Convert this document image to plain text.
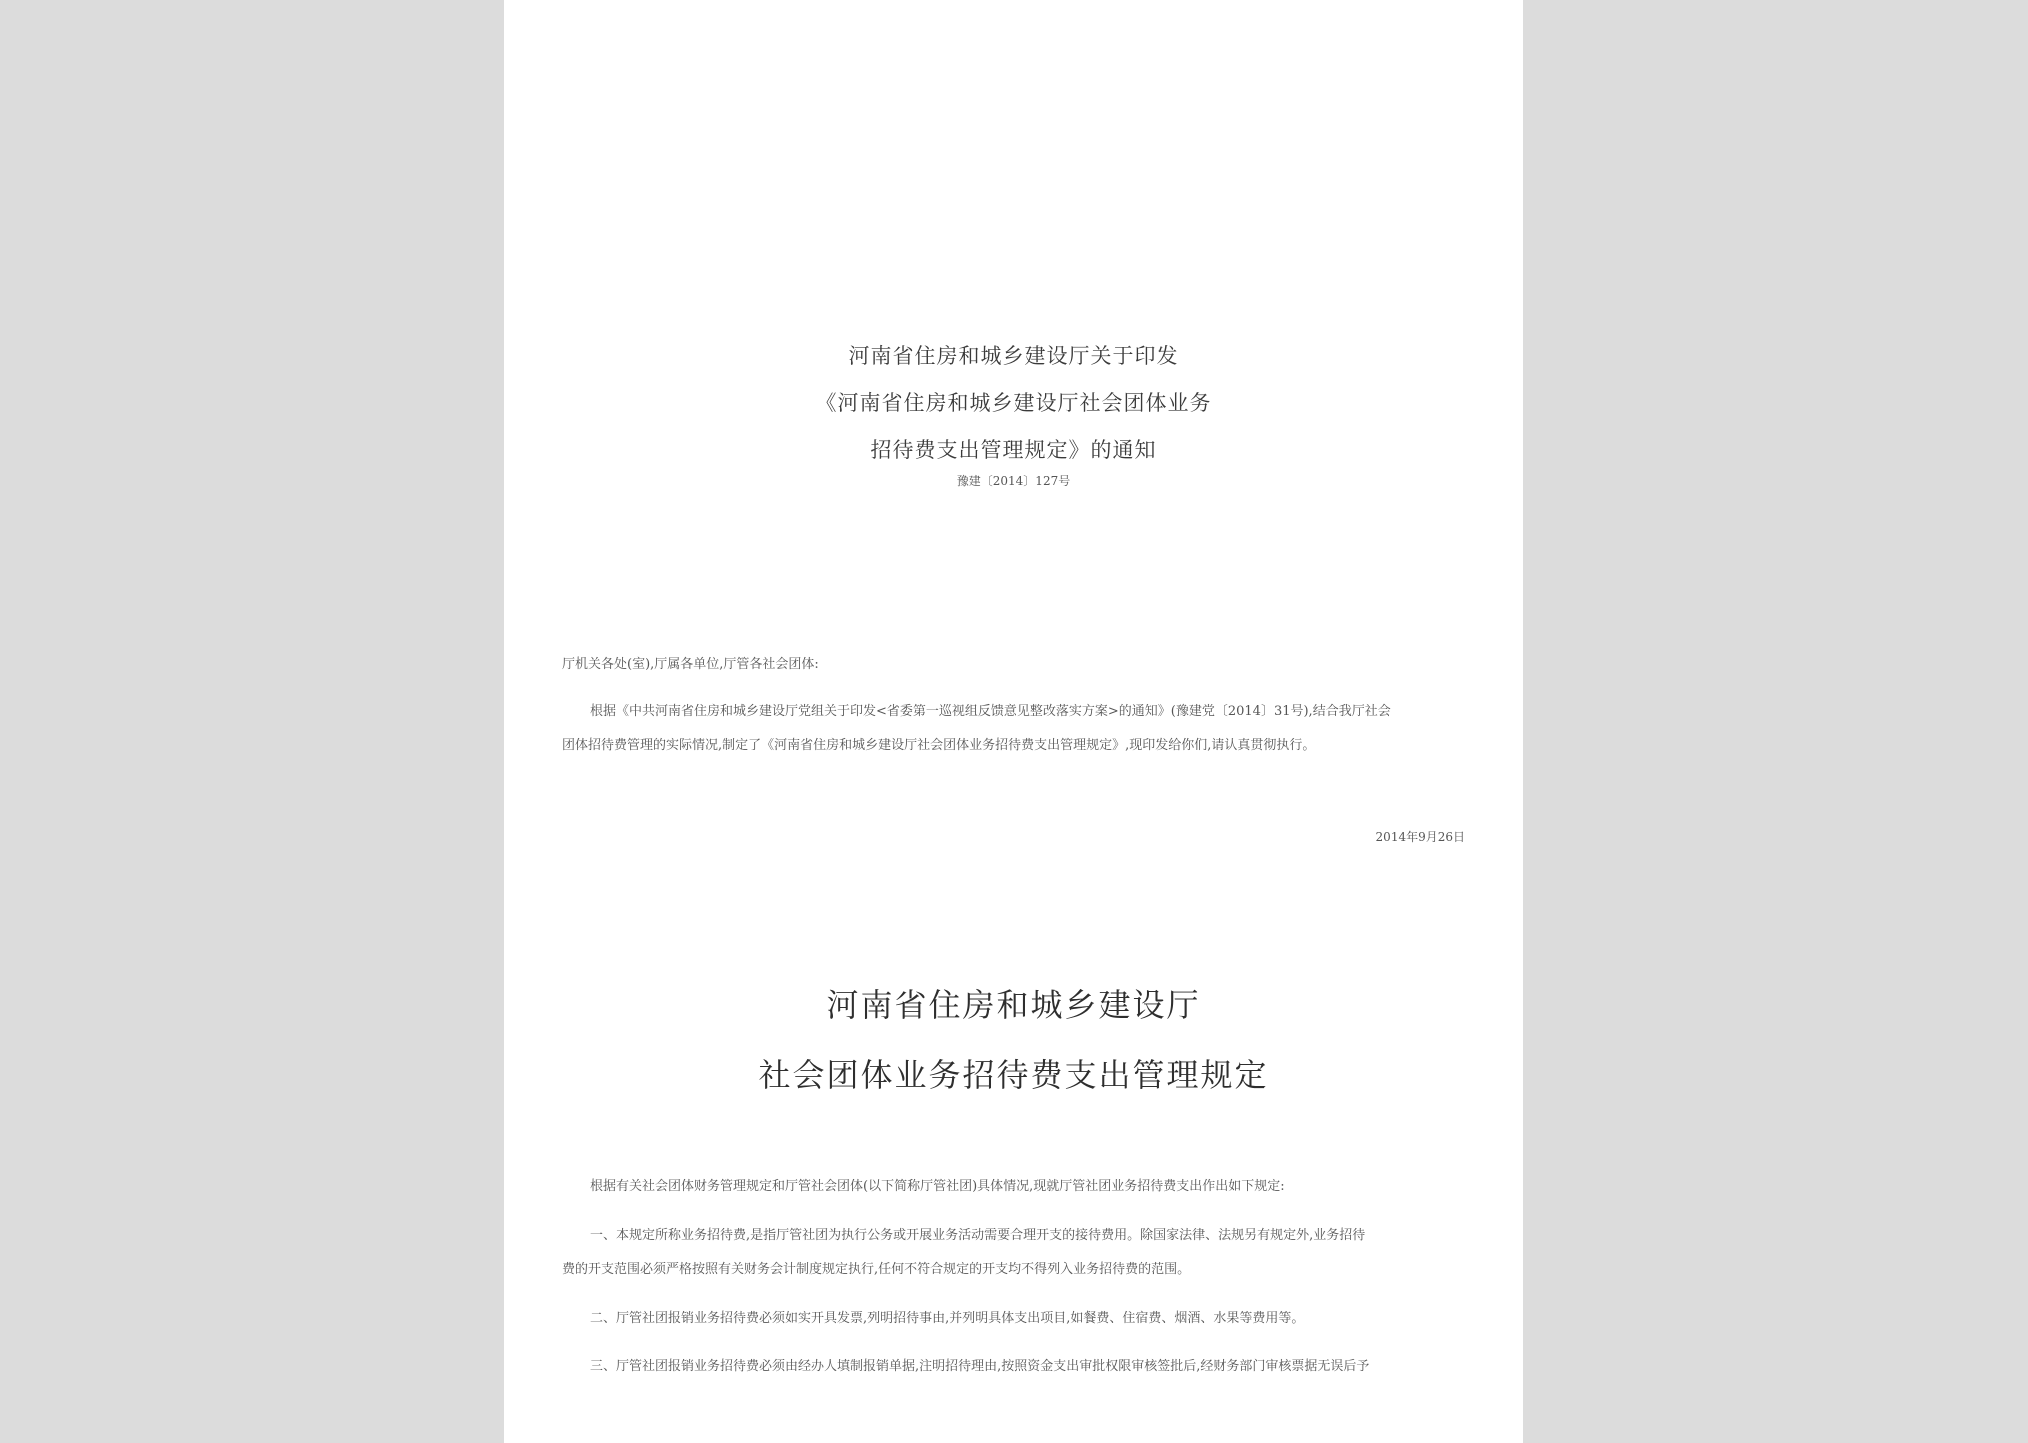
河南省住房和城乡建设厅关于印发
《河南省住房和城乡建设厅社会团体业务
招待费支出管理规定》的通知
豫建〔2014〕127号
厅机关各处(室),厅属各单位,厅管各社会团体:
根据《中共河南省住房和城乡建设厅党组关于印发<省委第一巡视组反馈意见整改落实方案>的通知》(豫建党〔2014〕31号),结合我厅社会
团体招待费管理的实际情况,制定了《河南省住房和城乡建设厅社会团体业务招待费支出管理规定》,现印发给你们,请认真贯彻执行。
2014年9月26日
河南省住房和城乡建设厅
社会团体业务招待费支出管理规定
根据有关社会团体财务管理规定和厅管社会团体(以下简称厅管社团)具体情况,现就厅管社团业务招待费支出作出如下规定:
一、本规定所称业务招待费,是指厅管社团为执行公务或开展业务活动需要合理开支的接待费用。除国家法律、法规另有规定外,业务招待
费的开支范围必须严格按照有关财务会计制度规定执行,任何不符合规定的开支均不得列入业务招待费的范围。
二、厅管社团报销业务招待费必须如实开具发票,列明招待事由,并列明具体支出项目,如餐费、住宿费、烟酒、水果等费用等。
三、厅管社团报销业务招待费必须由经办人填制报销单据,注明招待理由,按照资金支出审批权限审核签批后,经财务部门审核票据无误后予
